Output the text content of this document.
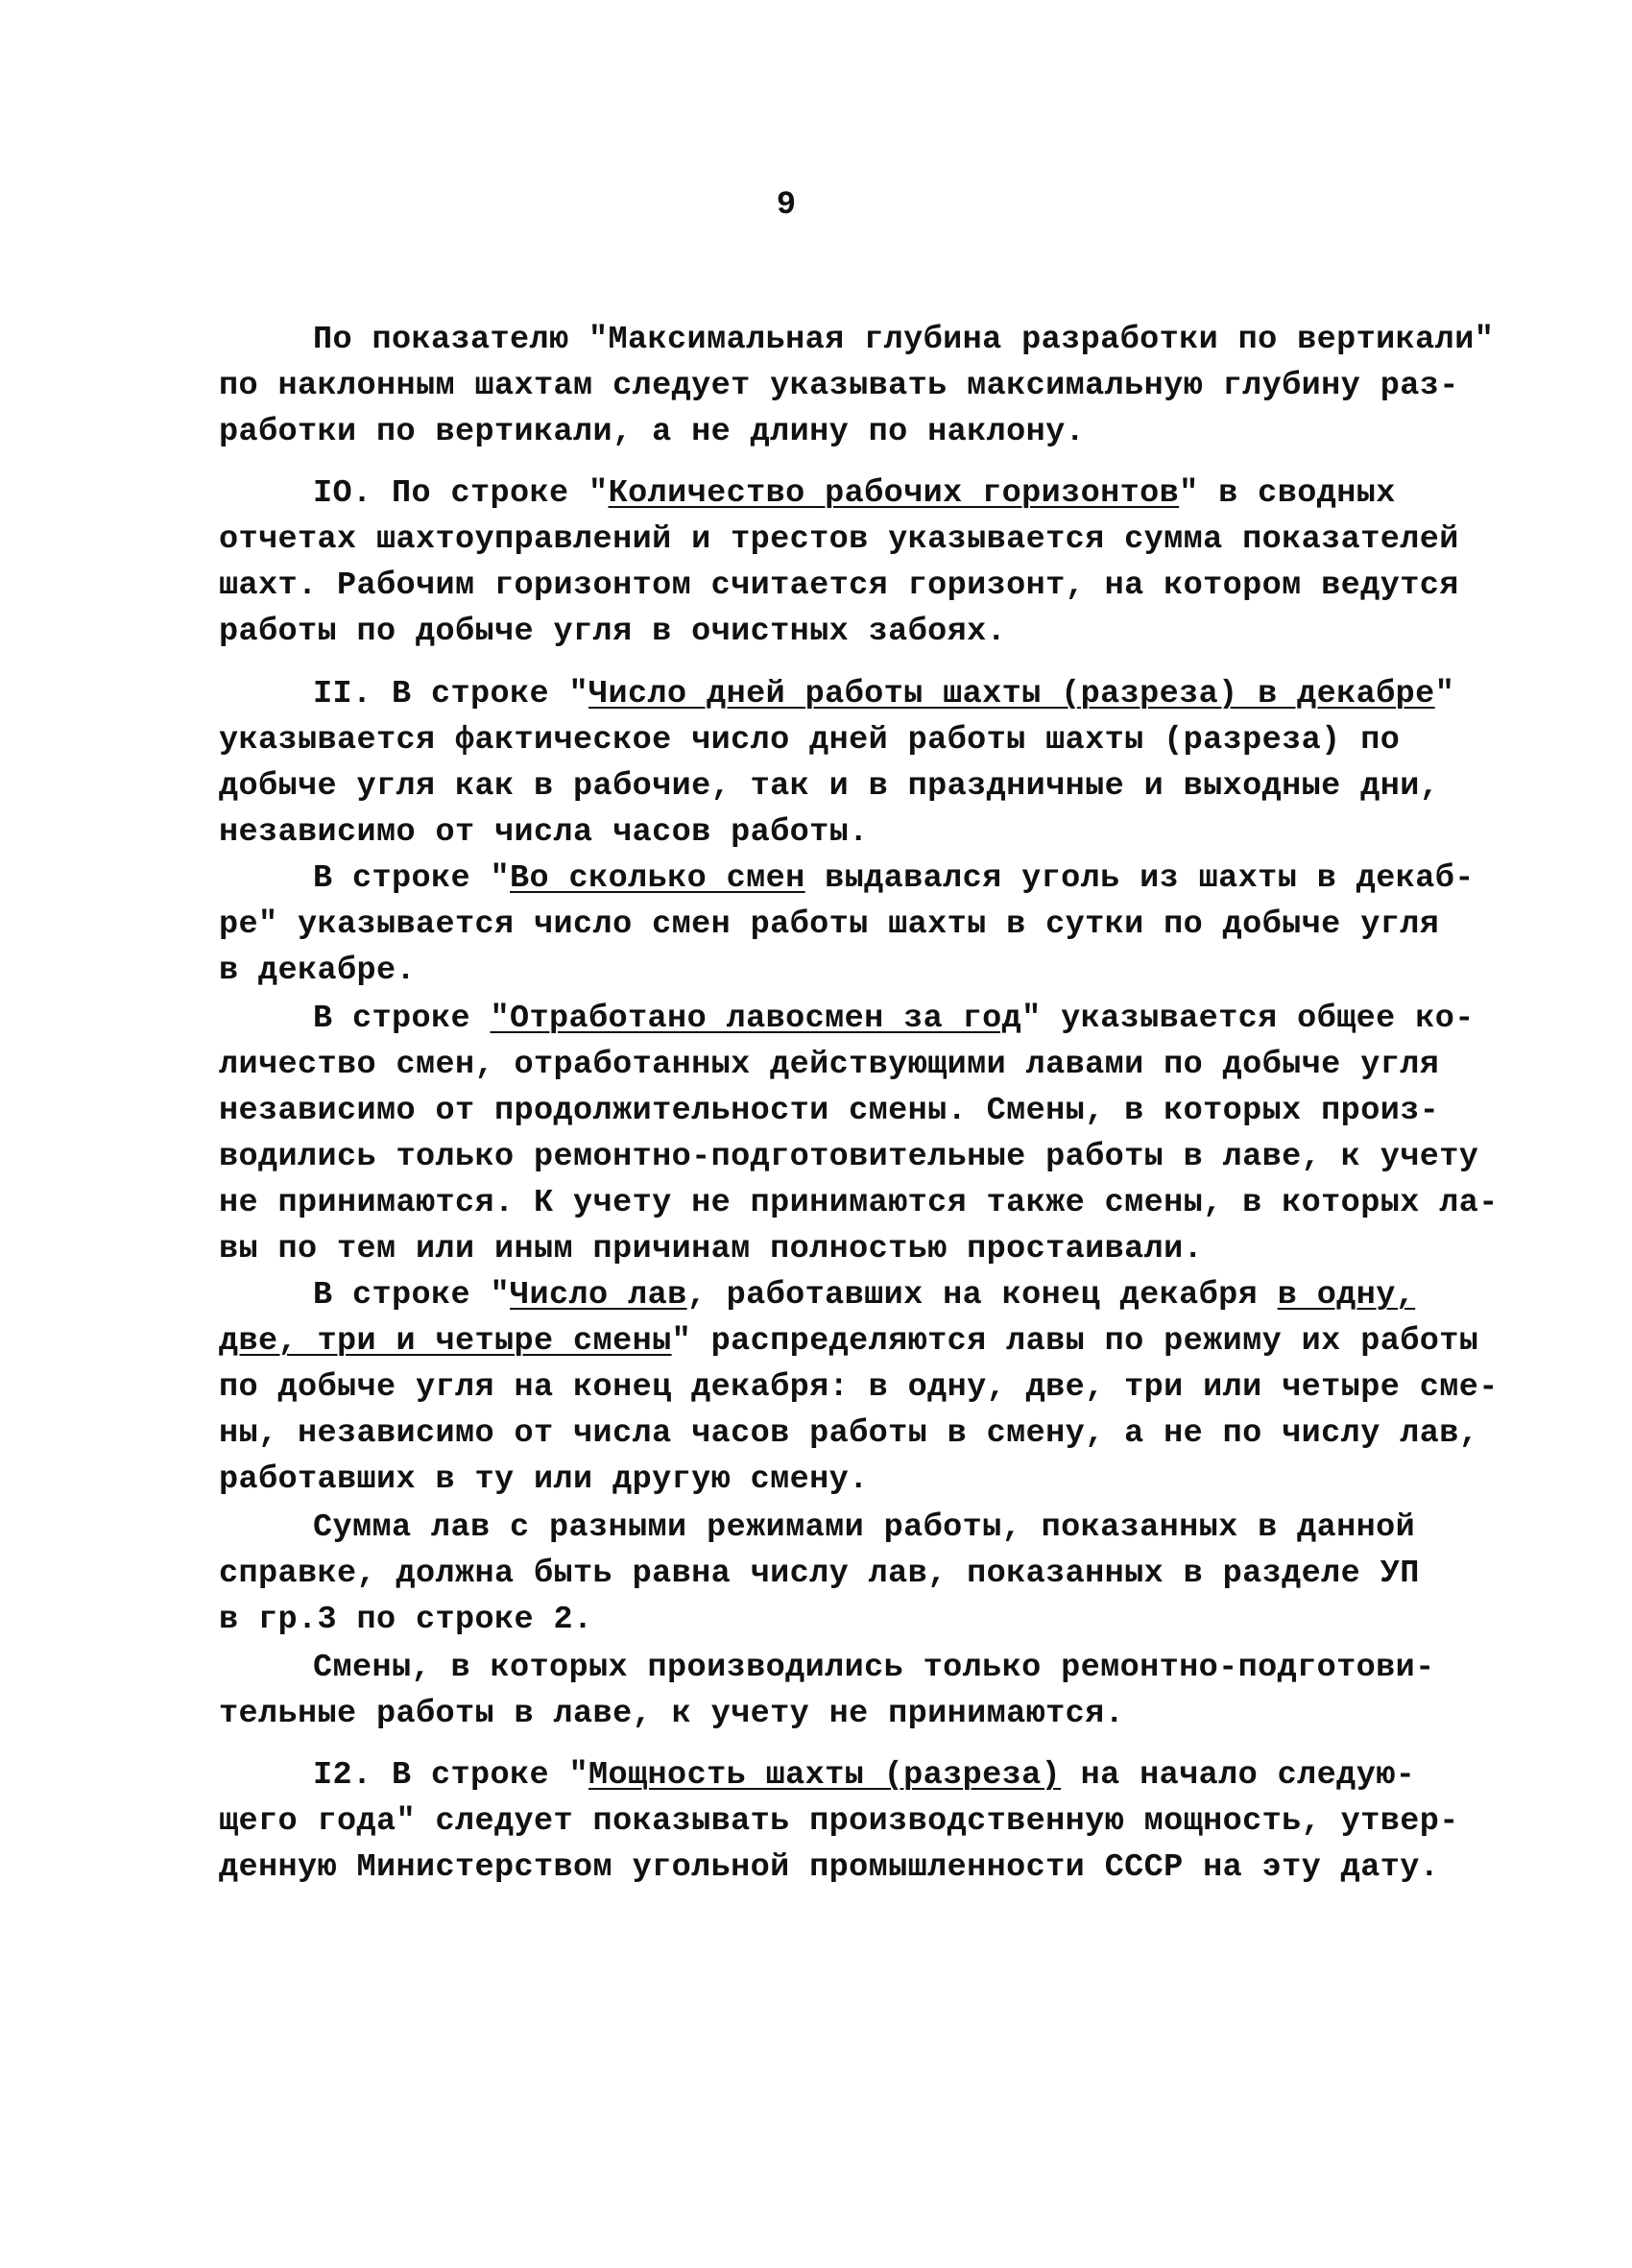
9
По показателю "Максимальная глубина разработки по вертикали"
по наклонным шахтам следует указывать максимальную глубину раз-
работки по вертикали, а не длину по наклону.
IO. По строке "Количество рабочих горизонтов" в сводных
отчетах шахтоуправлений и трестов указывается сумма показателей
шахт. Рабочим горизонтом считается горизонт, на котором ведутся
работы по добыче угля в очистных забоях.
II. В строке "Число дней работы шахты (разреза) в декабре"
указывается фактическое число дней работы шахты (разреза) по
добыче угля как в рабочие, так и в праздничные и выходные дни,
независимо от числа часов работы.
В строке "Во сколько смен выдавался уголь из шахты в декаб-
ре" указывается число смен работы шахты в сутки по добыче угля
в декабре.
В строке "Отработано лавосмен за год" указывается общее ко-
личество смен, отработанных действующими лавами по добыче угля
независимо от продолжительности смены. Смены, в которых произ-
водились только ремонтно-подготовительные работы в лаве, к учету
не принимаются. К учету не принимаются также смены, в которых ла-
вы по тем или иным причинам полностью простаивали.
В строке "Число лав, работавших на конец декабря в одну,
две, три и четыре смены" распределяются лавы по режиму их работы
по добыче угля на конец декабря: в одну, две, три или четыре сме-
ны, независимо от числа часов работы в смену, а не по числу лав,
работавших в ту или другую смену.
Сумма лав с разными режимами работы, показанных в данной
справке, должна быть равна числу лав, показанных в разделе УП
в гр.3 по строке 2.
Смены, в которых производились только ремонтно-подготови-
тельные работы в лаве, к учету не принимаются.
I2. В строке "Мощность шахты (разреза) на начало следую-
щего года" следует показывать производственную мощность, утвер-
денную Министерством угольной промышленности СССР на эту дату.
